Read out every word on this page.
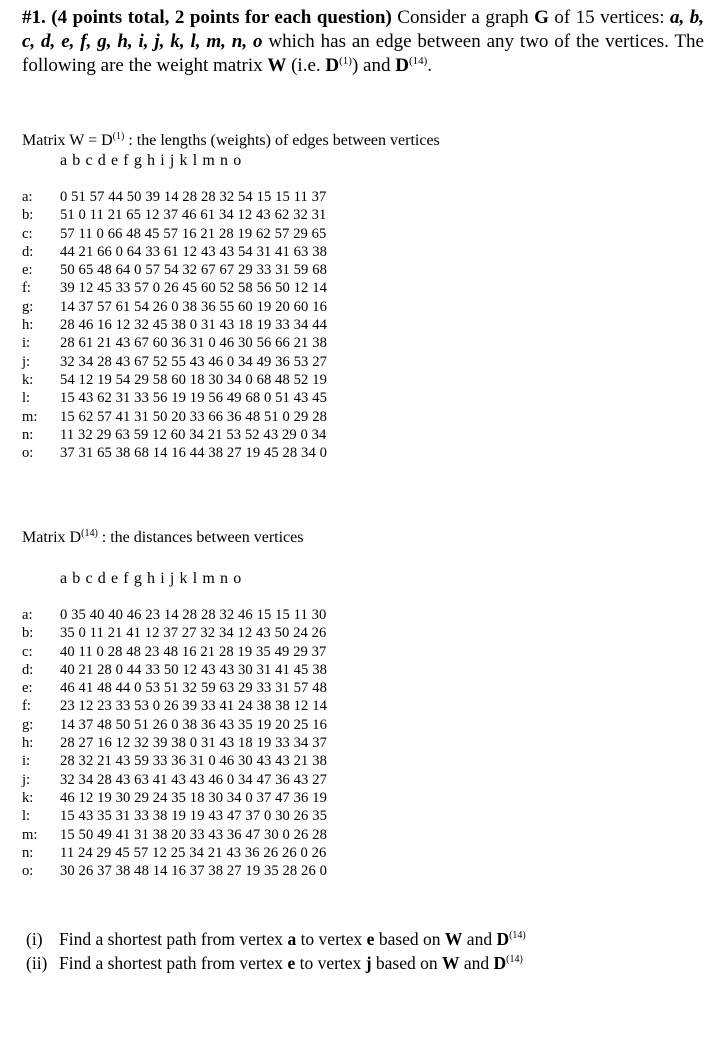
#1. (4 points total, 2 points for each question) Consider a graph G of 15 vertices: a, b, c, d, e, f, g, h, i, j, k, l, m, n, o which has an edge between any two of the vertices. The following are the weight matrix W (i.e. $D^{(1)}$) and $D^{(14)}$.
Matrix $W = D^{(1)}$ : the lengths (weights) of edges between vertices
a b c d e f g h i j k l m n o
a: 0 51 57 44 50 39 14 28 28 32 54 15 15 11 37
b: 51 0 11 21 65 12 37 46 61 34 12 43 62 32 31
c: 57 11 0 66 48 45 57 16 21 28 19 62 57 29 65
d: 44 21 66 0 64 33 61 12 43 43 54 31 41 63 38
e: 50 65 48 64 0 57 54 32 67 67 29 33 31 59 68
f: 39 12 45 33 57 0 26 45 60 52 58 56 50 12 14
g: 14 37 57 61 54 26 0 38 36 55 60 19 20 60 16
h: 28 46 16 12 32 45 38 0 31 43 18 19 33 34 44
i: 28 61 21 43 67 60 36 31 0 46 30 56 66 21 38
j: 32 34 28 43 67 52 55 43 46 0 34 49 36 53 27
k: 54 12 19 54 29 58 60 18 30 34 0 68 48 52 19
l: 15 43 62 31 33 56 19 19 56 49 68 0 51 43 45
m: 15 62 57 41 31 50 20 33 66 36 48 51 0 29 28
n: 11 32 29 63 59 12 60 34 21 53 52 43 29 0 34
o: 37 31 65 38 68 14 16 44 38 27 19 45 28 34 0
Matrix $D^{(14)}$ : the distances between vertices
a b c d e f g h i j k l m n o
a: 0 35 40 40 46 23 14 28 28 32 46 15 15 11 30
b: 35 0 11 21 41 12 37 27 32 34 12 43 50 24 26
c: 40 11 0 28 48 23 48 16 21 28 19 35 49 29 37
d: 40 21 28 0 44 33 50 12 43 43 30 31 41 45 38
e: 46 41 48 44 0 53 51 32 59 63 29 33 31 57 48
f: 23 12 23 33 53 0 26 39 33 41 24 38 38 12 14
g: 14 37 48 50 51 26 0 38 36 43 35 19 20 25 16
h: 28 27 16 12 32 39 38 0 31 43 18 19 33 34 37
i: 28 32 21 43 59 33 36 31 0 46 30 43 43 21 38
j: 32 34 28 43 63 41 43 43 46 0 34 47 36 43 27
k: 46 12 19 30 29 24 35 18 30 34 0 37 47 36 19
l: 15 43 35 31 33 38 19 19 43 47 37 0 30 26 35
m: 15 50 49 41 31 38 20 33 43 36 47 30 0 26 28
n: 11 24 29 45 57 12 25 34 21 43 36 26 26 0 26
o: 30 26 37 38 48 14 16 37 38 27 19 35 28 26 0
(i) Find a shortest path from vertex a to vertex e based on W and $D^{(14)}$
(ii) Find a shortest path from vertex e to vertex j based on W and $D^{(14)}$
